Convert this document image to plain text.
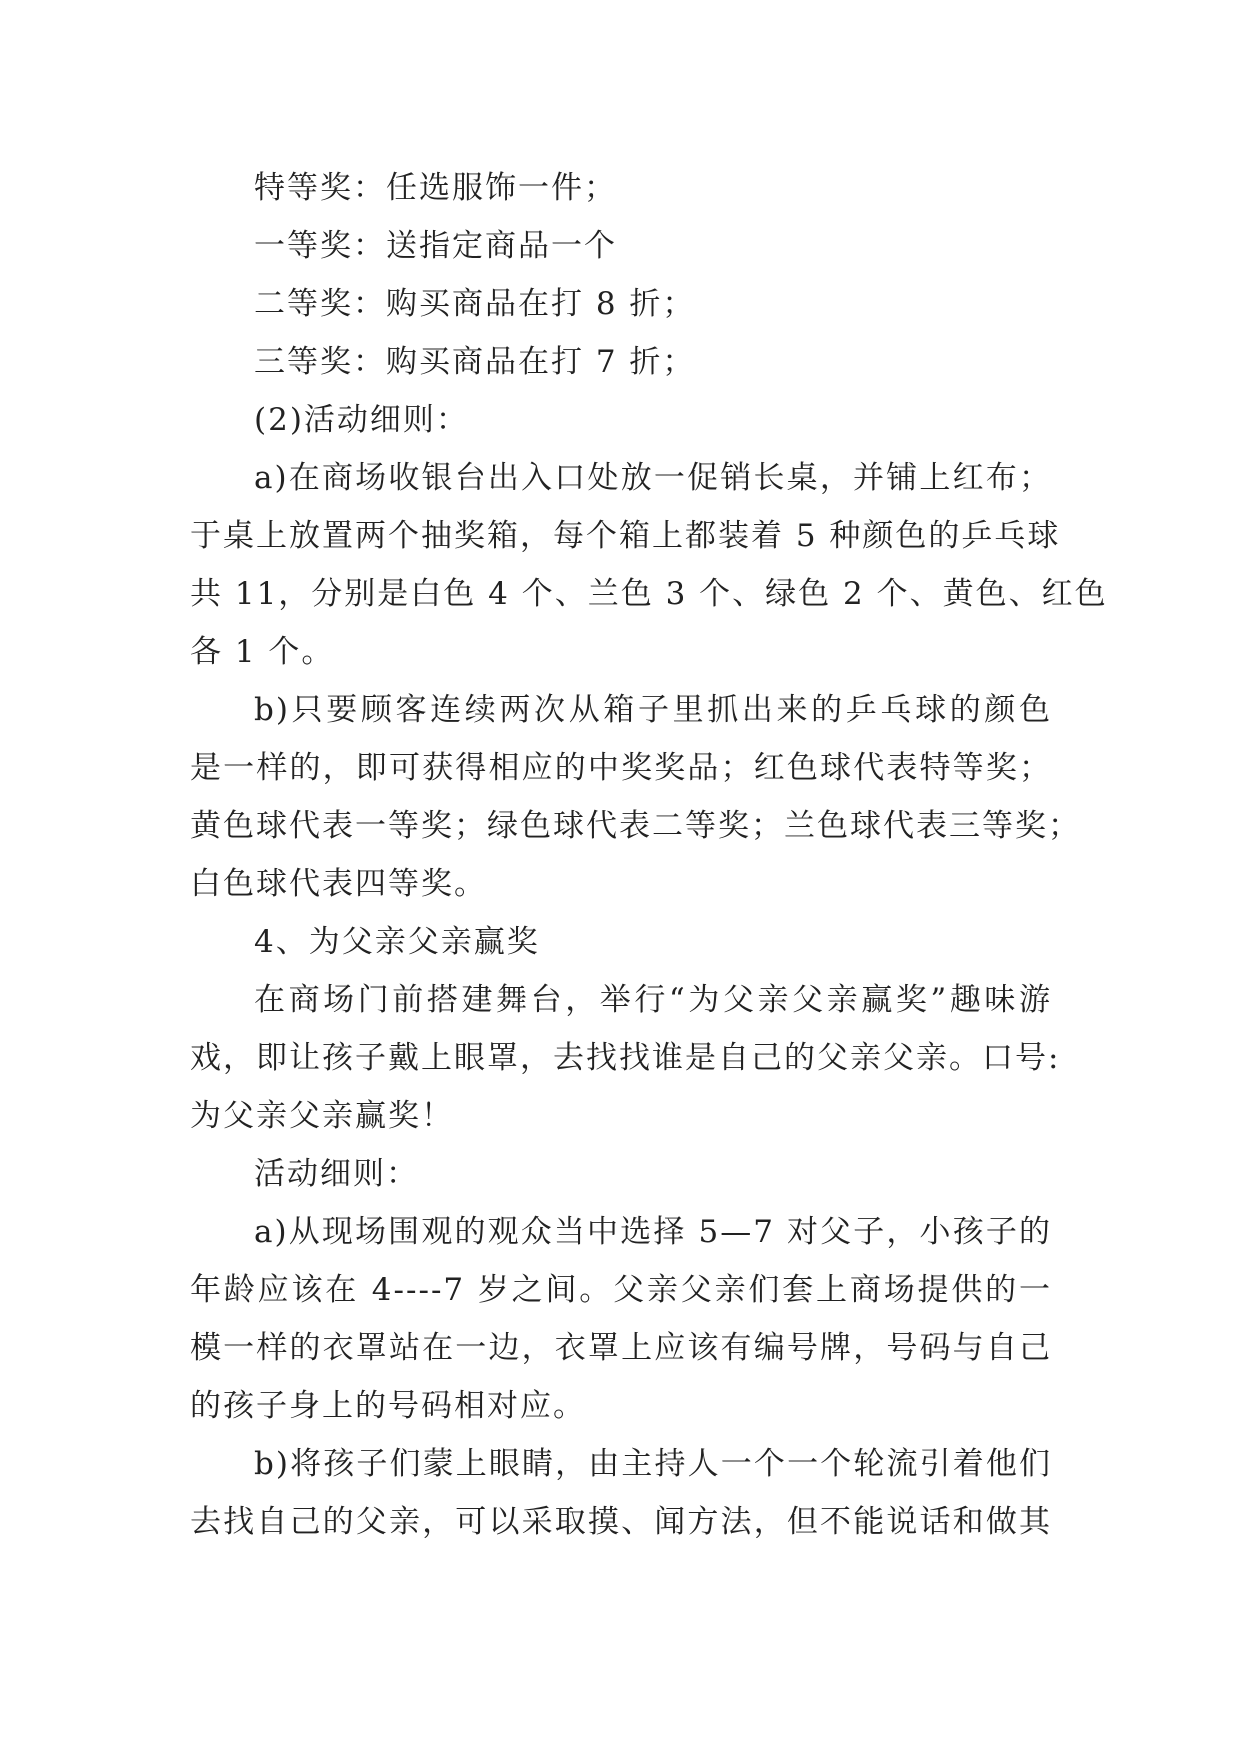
特等奖：任选服饰一件；

一等奖：送指定商品一个

二等奖：购买商品在打 8 折；

三等奖：购买商品在打 7 折；

(2)活动细则：

a)在商场收银台出入口处放一促销长桌，并铺上红布；

于桌上放置两个抽奖箱，每个箱上都装着 5 种颜色的乒乓球

共 11，分别是白色 4 个、兰色 3 个、绿色 2 个、黄色、红色

各 1 个。

b)只要顾客连续两次从箱子里抓出来的乒乓球的颜色

是一样的，即可获得相应的中奖奖品；红色球代表特等奖；

黄色球代表一等奖；绿色球代表二等奖；兰色球代表三等奖；

白色球代表四等奖。

4、为父亲父亲赢奖

在商场门前搭建舞台，举行“为父亲父亲赢奖”趣味游

戏，即让孩子戴上眼罩，去找找谁是自己的父亲父亲。口号:

为父亲父亲赢奖！

活动细则：

a)从现场围观的观众当中选择 5—7 对父子，小孩子的

年龄应该在 4----7 岁之间。父亲父亲们套上商场提供的一

模一样的衣罩站在一边，衣罩上应该有编号牌，号码与自己

的孩子身上的号码相对应。

b)将孩子们蒙上眼睛，由主持人一个一个轮流引着他们

去找自己的父亲，可以采取摸、闻方法，但不能说话和做其
